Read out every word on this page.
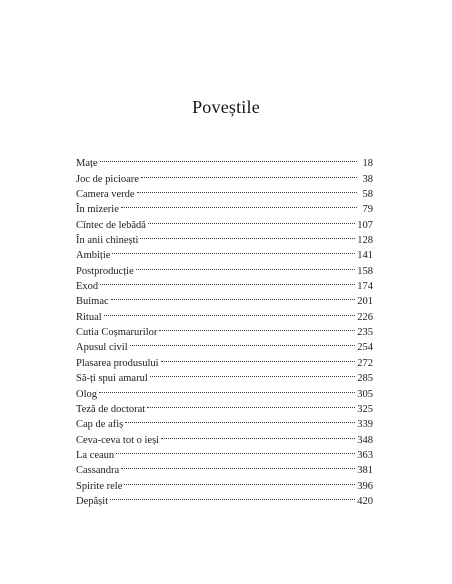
Poveștile
Mațe	18
Joc de picioare	38
Camera verde	58
În mizerie	79
Cîntec de lebădă	107
În anii chinești	128
Ambiție	141
Postproducție	158
Exod	174
Buimac	201
Ritual	226
Cutia Coșmarurilor	235
Apusul civil	254
Plasarea produsului	272
Să-ți spui amarul	285
Olog	305
Teză de doctorat	325
Cap de afiș	339
Ceva-ceva tot o ieși	348
La ceaun	363
Cassandra	381
Spirite rele	396
Depășit	420
